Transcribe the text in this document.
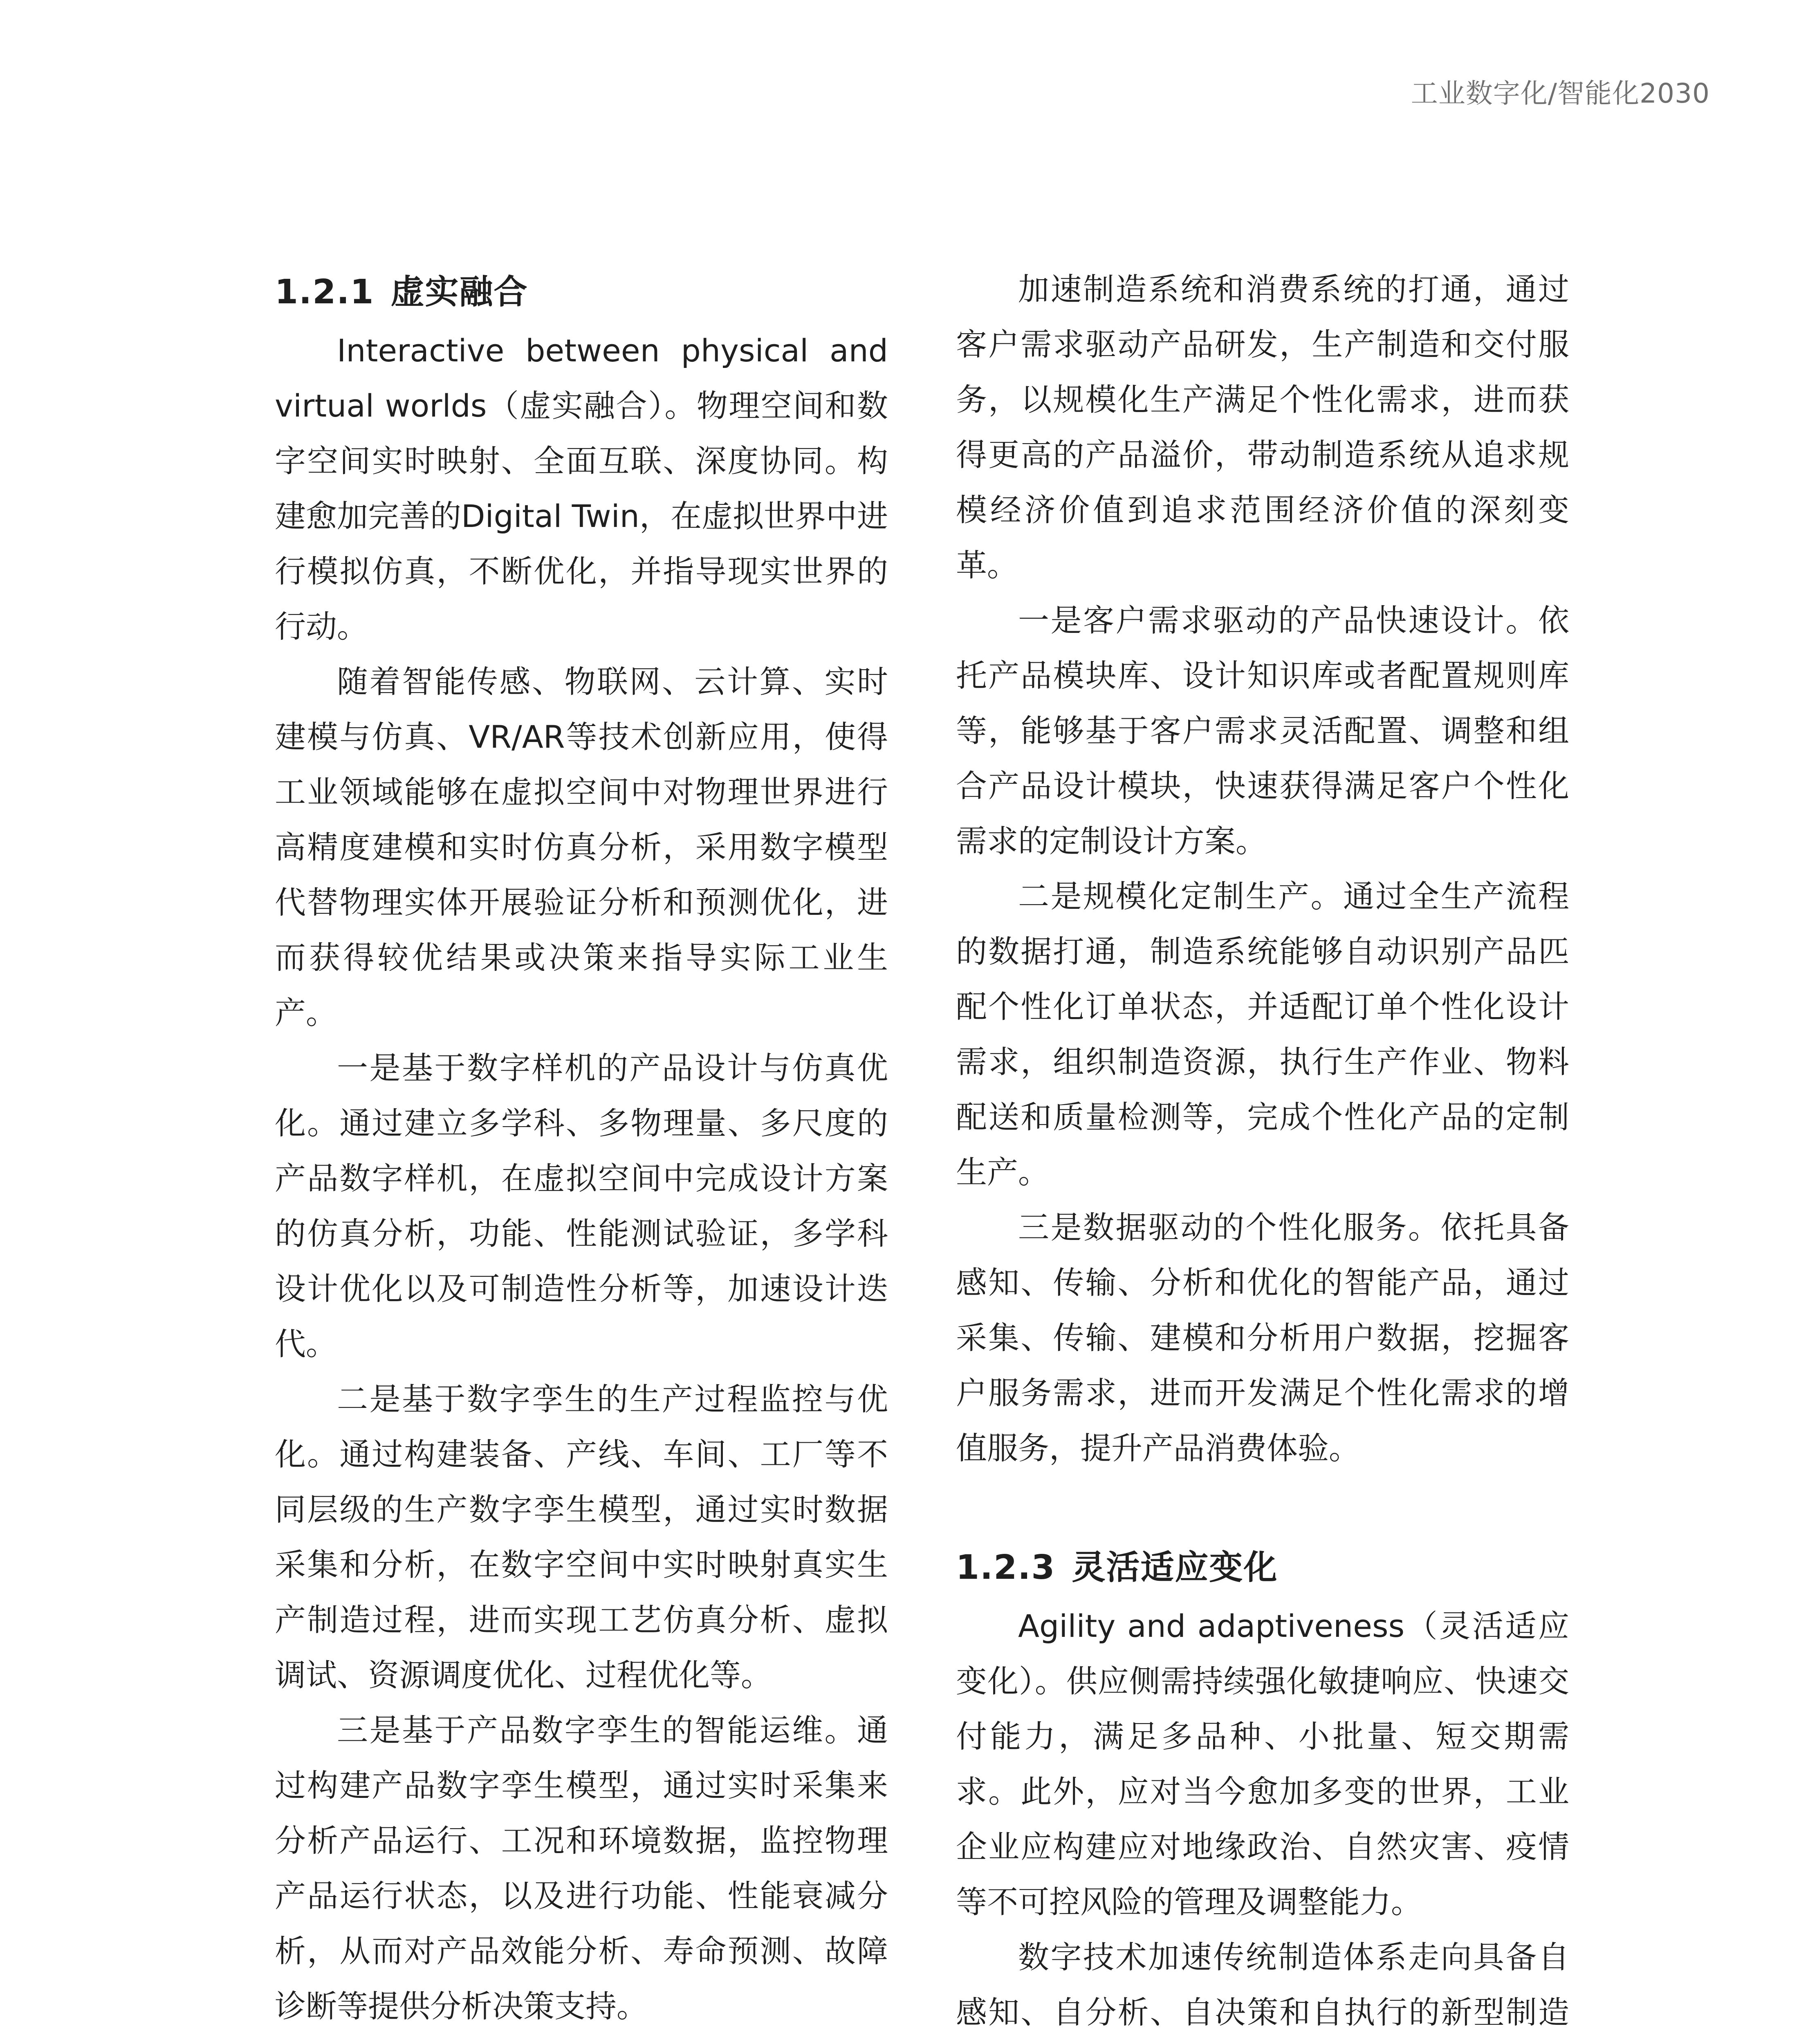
工业数字化/智能化2030
1.2.1 虚实融合

Interactive between physical and virtual worlds（虚实融合）。物理空间和数字空间实时映射、全面互联、深度协同。构建愈加完善的Digital Twin，在虚拟世界中进行模拟仿真，不断优化，并指导现实世界的行动。

随着智能传感、物联网、云计算、实时建模与仿真、VR/AR等技术创新应用，使得工业领域能够在虚拟空间中对物理世界进行高精度建模和实时仿真分析，采用数字模型代替物理实体开展验证分析和预测优化，进而获得较优结果或决策来指导实际工业生产。

一是基于数字样机的产品设计与仿真优化。通过建立多学科、多物理量、多尺度的产品数字样机，在虚拟空间中完成设计方案的仿真分析，功能、性能测试验证，多学科设计优化以及可制造性分析等，加速设计迭代。

二是基于数字孪生的生产过程监控与优化。通过构建装备、产线、车间、工厂等不同层级的生产数字孪生模型，通过实时数据采集和分析，在数字空间中实时映射真实生产制造过程，进而实现工艺仿真分析、虚拟调试、资源调度优化、过程优化等。

三是基于产品数字孪生的智能运维。通过构建产品数字孪生模型，通过实时采集来分析产品运行、工况和环境数据，监控物理产品运行状态，以及进行功能、性能衰减分析，从而对产品效能分析、寿命预测、故障诊断等提供分析决策支持。

加速制造系统和消费系统的打通，通过客户需求驱动产品研发，生产制造和交付服务，以规模化生产满足个性化需求，进而获得更高的产品溢价，带动制造系统从追求规模经济价值到追求范围经济价值的深刻变革。

一是客户需求驱动的产品快速设计。依托产品模块库、设计知识库或者配置规则库等，能够基于客户需求灵活配置、调整和组合产品设计模块，快速获得满足客户个性化需求的定制设计方案。

二是规模化定制生产。通过全生产流程的数据打通，制造系统能够自动识别产品匹配个性化订单状态，并适配订单个性化设计需求，组织制造资源，执行生产作业、物料配送和质量检测等，完成个性化产品的定制生产。

三是数据驱动的个性化服务。依托具备感知、传输、分析和优化的智能产品，通过采集、传输、建模和分析用户数据，挖掘客户服务需求，进而开发满足个性化需求的增值服务，提升产品消费体验。

1.2.3 灵活适应变化

Agility and adaptiveness（灵活适应变化）。供应侧需持续强化敏捷响应、快速交付能力，满足多品种、小批量、短交期需求。此外，应对当今愈加多变的世界，工业企业应构建应对地缘政治、自然灾害、疫情等不可控风险的管理及调整能力。

数字技术加速传统制造体系走向具备自感知、自分析、自决策和自执行的新型制造
